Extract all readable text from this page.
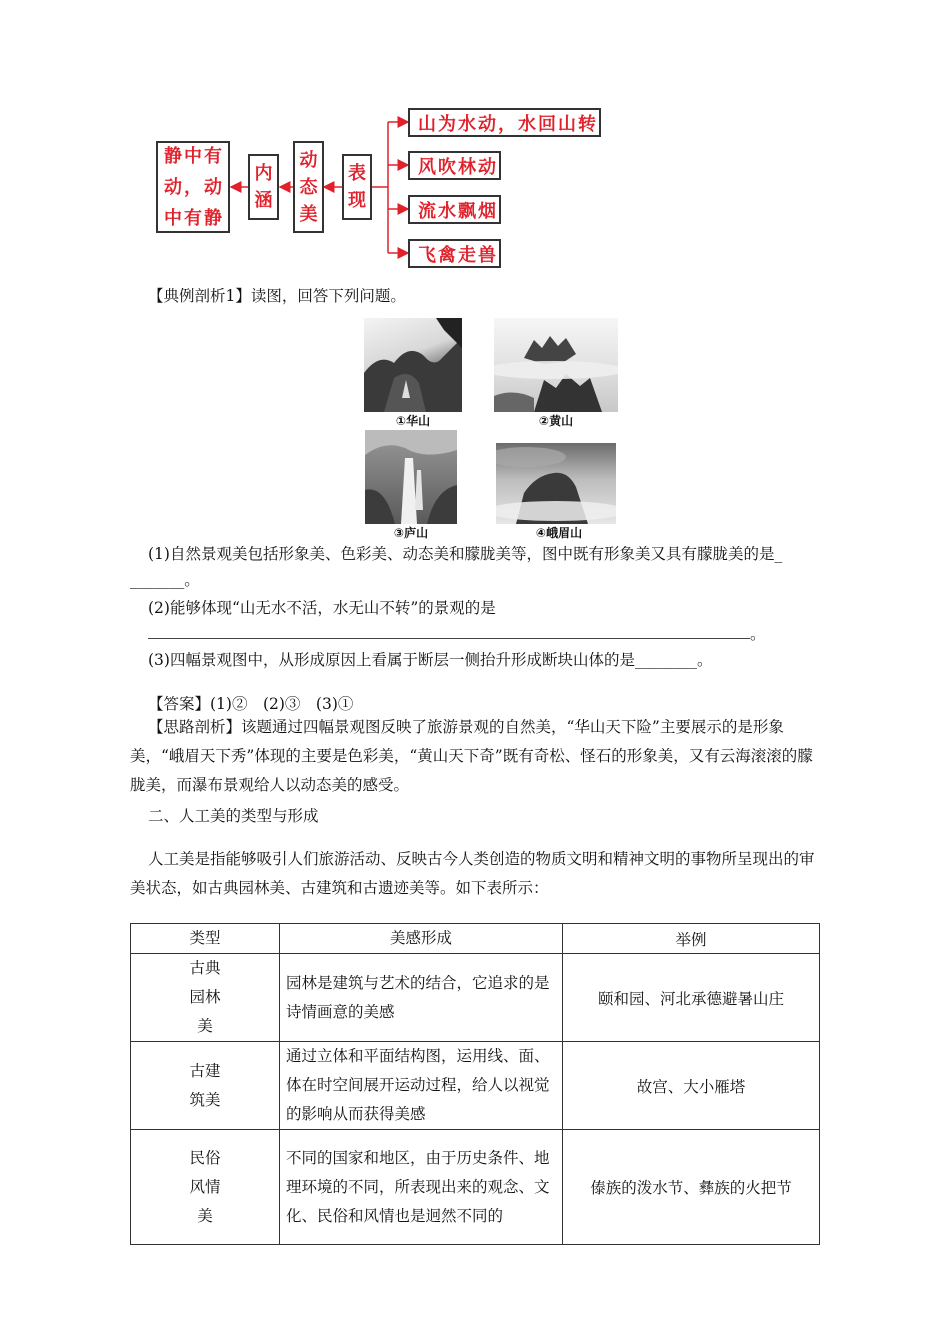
静中有
动，动
中有静
内
涵
动
态
美
表
现
山为水动，水回山转
风吹林动
流水飘烟
飞禽走兽
【典例剖析1】读图，回答下列问题。
①华山	②黄山
③庐山	④峨眉山
(1)自然景观美包括形象美、色彩美、动态美和朦胧美等，图中既有形象美又具有朦胧美的是_
_______。
(2)能够体现“山无水不活，水无山不转”的景观的是
。
(3)四幅景观图中，从形成原因上看属于断层一侧抬升形成断块山体的是________。
【答案】(1)②　(2)③　(3)①
【思路剖析】该题通过四幅景观图反映了旅游景观的自然美，“华山天下险”主要展示的是形象美，“峨眉天下秀”体现的主要是色彩美，“黄山天下奇”既有奇松、怪石的形象美，又有云海滚滚的朦胧美，而瀑布景观给人以动态美的感受。
二、人工美的类型与形成
人工美是指能够吸引人们旅游活动、反映古今人类创造的物质文明和精神文明的事物所呈现出的审美状态，如古典园林美、古建筑和古遗迹美等。如下表所示：
类型	美感形成	举例

古典
园林
美	园林是建筑与艺术的结合，它追求的是诗情画意的美感	颐和园、河北承德避暑山庄

古建
筑美	通过立体和平面结构图，运用线、面、体在时空间展开运动过程，给人以视觉的影响从而获得美感	故宫、大小雁塔

民俗
风情
美	不同的国家和地区，由于历史条件、地理环境的不同，所表现出来的观念、文化、民俗和风情也是迥然不同的	傣族的泼水节、彝族的火把节
